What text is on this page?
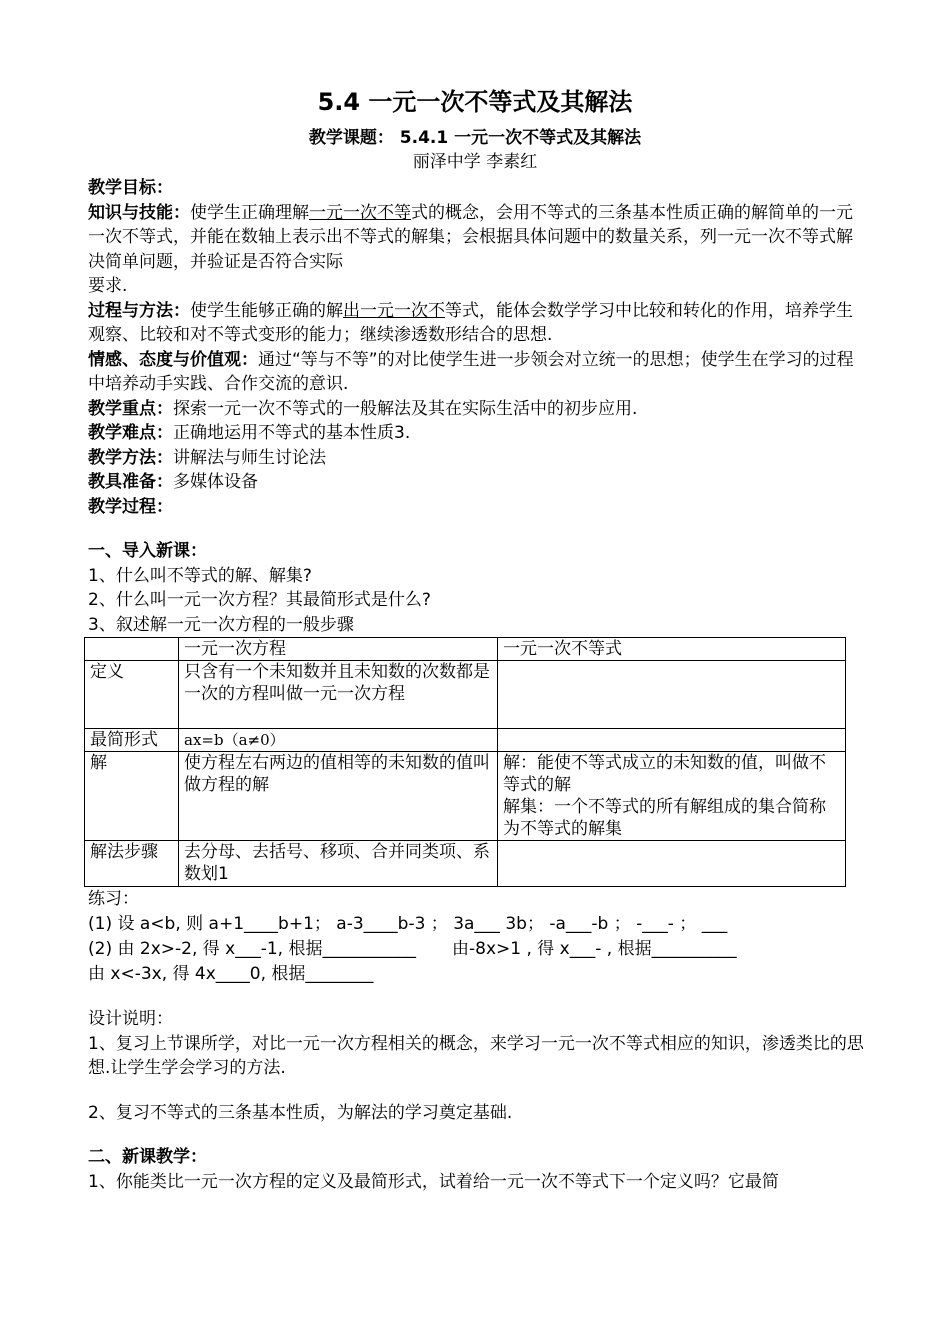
5.4 一元一次不等式及其解法
教学课题： 5.4.1 一元一次不等式及其解法
丽泽中学 李素红

教学目标：

知识与技能：使学生正确理解一元一次不等式的概念，会用不等式的三条基本性质正确的解简单的一元一次不等式，并能在数轴上表示出不等式的解集；会根据具体问题中的数量关系，列一元一次不等式解决简单问题，并验证是否符合实际

要求.

过程与方法：使学生能够正确的解出一元一次不等式，能体会数学学习中比较和转化的作用，培养学生观察、比较和对不等式变形的能力；继续渗透数形结合的思想.

情感、态度与价值观：通过“等与不等”的对比使学生进一步领会对立统一的思想；使学生在学习的过程中培养动手实践、合作交流的意识.

教学重点：探索一元一次不等式的一般解法及其在实际生活中的初步应用.

教学难点：正确地运用不等式的基本性质3.

教学方法：讲解法与师生讨论法

教具准备：多媒体设备

教学过程：

一、导入新课：

1、什么叫不等式的解、解集?

2、什么叫一元一次方程？其最简形式是什么?

3、叙述解一元一次方程的一般步骤

	一元一次方程	一元一次不等式
定义	只含有一个未知数并且未知数的次数都是一次的方程叫做一元一次方程	
最简形式	ax=b（a≠0）	
解	使方程左右两边的值相等的未知数的值叫做方程的解	解：能使不等式成立的未知数的值，叫做不等式的解
解集：一个不等式的所有解组成的集合简称为不等式的解集

解法步骤	去分母、去括号、移项、合并同类项、系数划1	

练习：

(1) 设 a<b, 则 a+1____b+1； a-3____b-3 ； 3a___ 3b； -a___-b ； -___- ； ___

(2) 由 2x>-2, 得 x___-1, 根据___________ 由-8x>1 , 得 x___- , 根据__________

由 x<-3x, 得 4x____0, 根据________

设计说明：

1、复习上节课所学，对比一元一次方程相关的概念，来学习一元一次不等式相应的知识，渗透类比的思想.让学生学会学习的方法.

2、复习不等式的三条基本性质，为解法的学习奠定基础.

二、新课教学：

1、你能类比一元一次方程的定义及最简形式，试着给一元一次不等式下一个定义吗？它最简
